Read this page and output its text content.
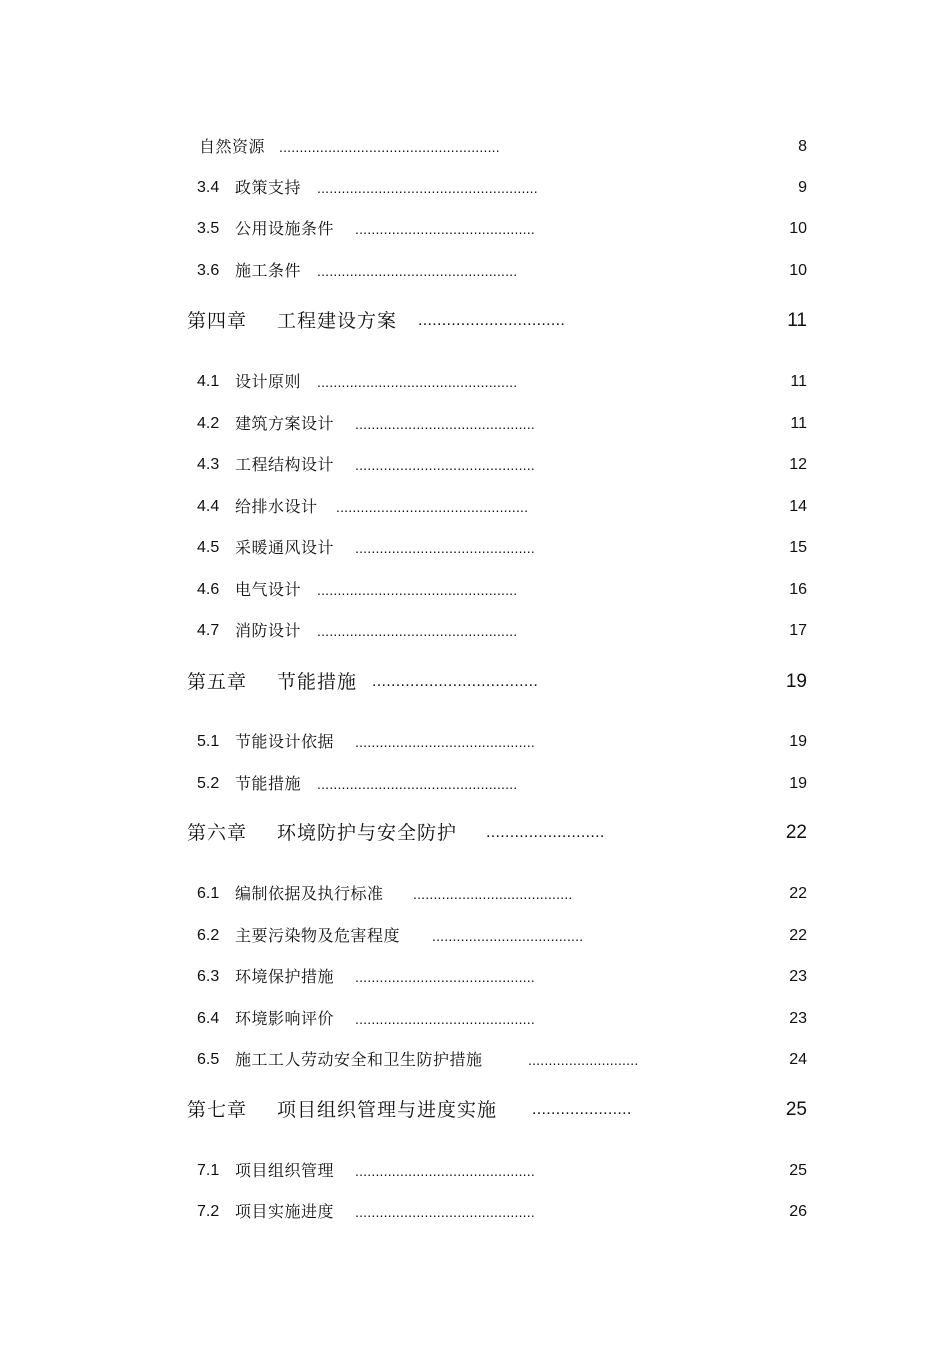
自然资源 ......................................................	8
3.4 政策支持 ......................................................	9
3.5 公用设施条件 ............................................	10
3.6 施工条件 .................................................	10
第四章 工程建设方案 ...............................	11
4.1 设计原则 .................................................	11
4.2 建筑方案设计 ............................................	11
4.3 工程结构设计 ............................................	12
4.4 给排水设计 ...............................................	14
4.5 采暖通风设计 ............................................	15
4.6 电气设计 .................................................	16
4.7 消防设计 .................................................	17
第五章 节能措施 ...................................	19
5.1 节能设计依据 ............................................	19
5.2 节能措施 .................................................	19
第六章 环境防护与安全防护 .........................	22
6.1 编制依据及执行标准 .......................................	22
6.2 主要污染物及危害程度 .....................................	22
6.3 环境保护措施 ............................................	23
6.4 环境影响评价 ............................................	23
6.5 施工工人劳动安全和卫生防护措施	...........................	24
第七章 项目组织管理与进度实施 .....................	25
7.1 项目组织管理 ............................................	25
7.2 项目实施进度 ............................................	26
